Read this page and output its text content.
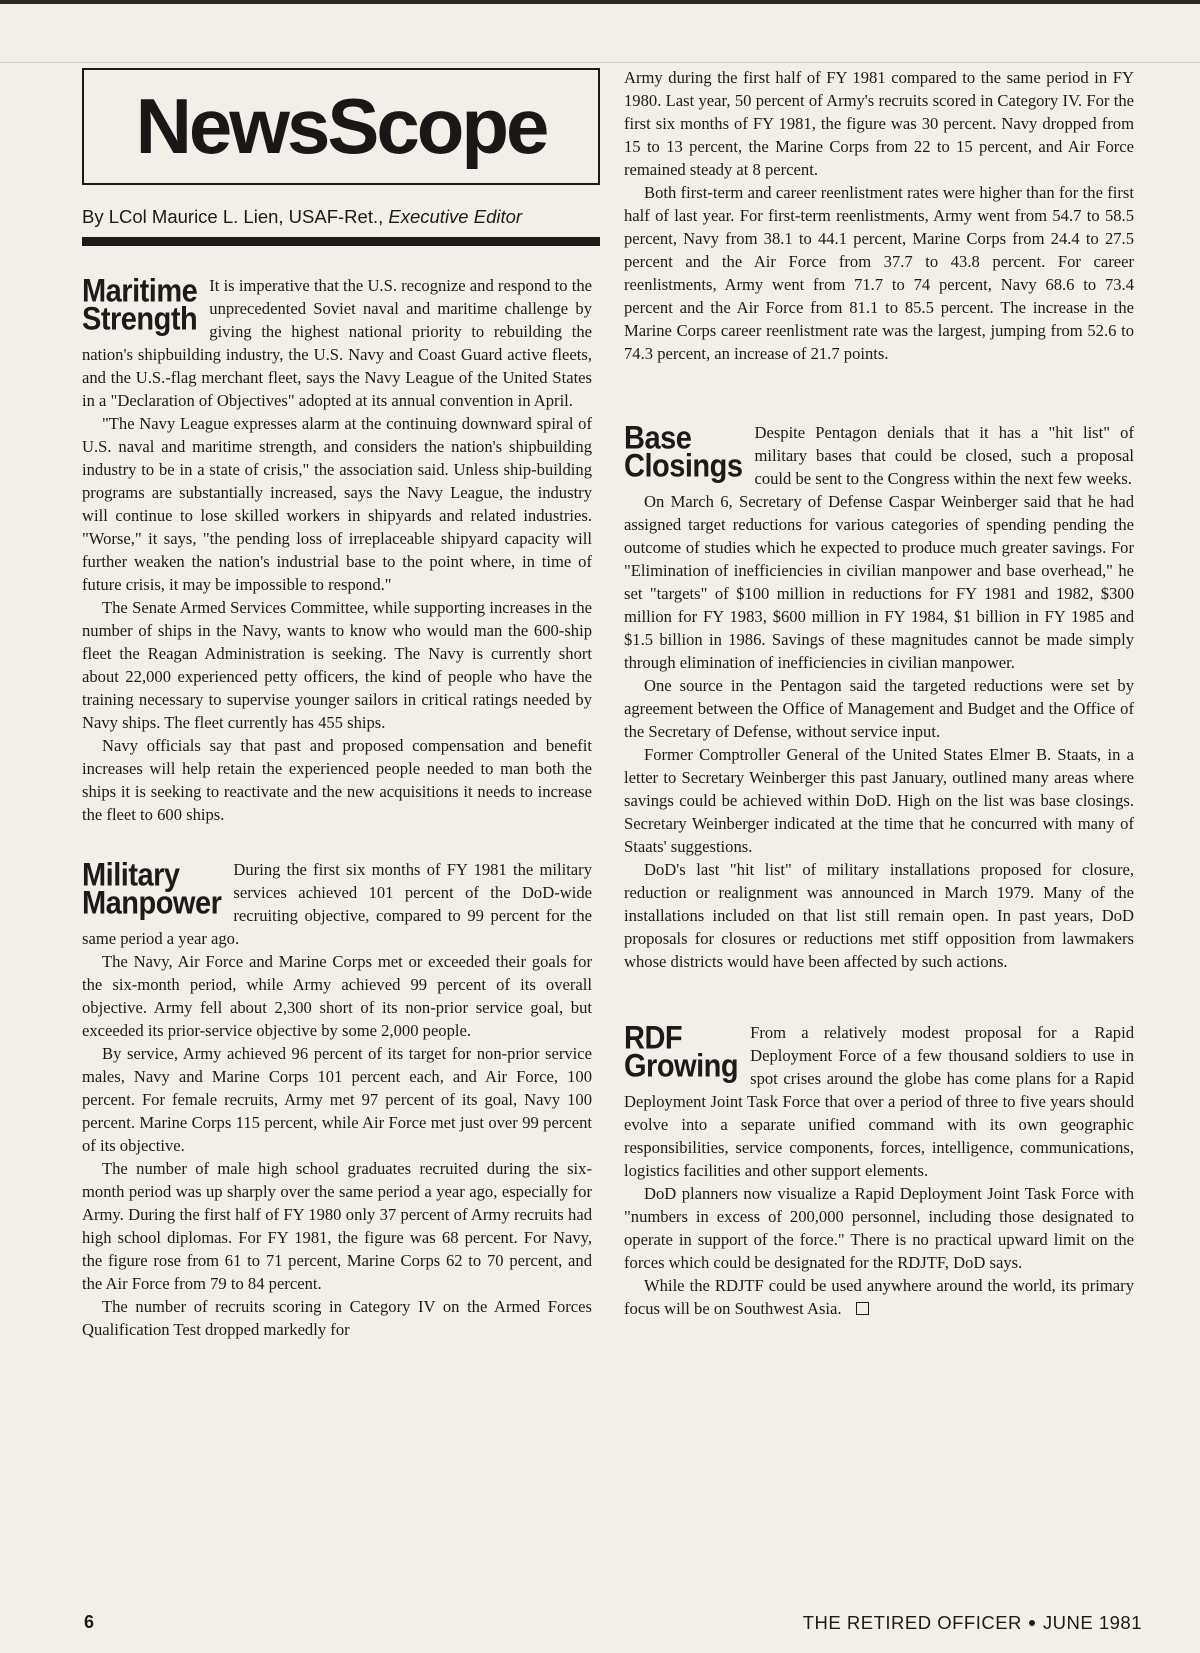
NewsScope
By LCol Maurice L. Lien, USAF-Ret., Executive Editor
Maritime
Strength

It is imperative that the U.S. recognize and respond to the unprecedented Soviet naval and maritime challenge by giving the highest national priority to rebuilding the nation's shipbuilding industry, the U.S. Navy and Coast Guard active fleets, and the U.S.-flag merchant fleet, says the Navy League of the United States in a "Declaration of Objectives" adopted at its annual convention in April.

"The Navy League expresses alarm at the continuing downward spiral of U.S. naval and maritime strength, and considers the nation's shipbuilding industry to be in a state of crisis," the association said. Unless ship-building programs are substantially increased, says the Navy League, the industry will continue to lose skilled workers in shipyards and related industries. "Worse," it says, "the pending loss of irreplaceable shipyard capacity will further weaken the nation's industrial base to the point where, in time of future crisis, it may be impossible to respond."

The Senate Armed Services Committee, while supporting increases in the number of ships in the Navy, wants to know who would man the 600-ship fleet the Reagan Administration is seeking. The Navy is currently short about 22,000 experienced petty officers, the kind of people who have the training necessary to supervise younger sailors in critical ratings needed by Navy ships. The fleet currently has 455 ships.

Navy officials say that past and proposed compensation and benefit increases will help retain the experienced people needed to man both the ships it is seeking to reactivate and the new acquisitions it needs to increase the fleet to 600 ships.

Military
Manpower

During the first six months of FY 1981 the military services achieved 101 percent of the DoD-wide recruiting objective, compared to 99 percent for the same period a year ago.

The Navy, Air Force and Marine Corps met or exceeded their goals for the six-month period, while Army achieved 99 percent of its overall objective. Army fell about 2,300 short of its non-prior service goal, but exceeded its prior-service objective by some 2,000 people.

By service, Army achieved 96 percent of its target for non-prior service males, Navy and Marine Corps 101 percent each, and Air Force, 100 percent. For female recruits, Army met 97 percent of its goal, Navy 100 percent. Marine Corps 115 percent, while Air Force met just over 99 percent of its objective.

The number of male high school graduates recruited during the six-month period was up sharply over the same period a year ago, especially for Army. During the first half of FY 1980 only 37 percent of Army recruits had high school diplomas. For FY 1981, the figure was 68 percent. For Navy, the figure rose from 61 to 71 percent, Marine Corps 62 to 70 percent, and the Air Force from 79 to 84 percent.

The number of recruits scoring in Category IV on the Armed Forces Qualification Test dropped markedly for

Army during the first half of FY 1981 compared to the same period in FY 1980. Last year, 50 percent of Army's recruits scored in Category IV. For the first six months of FY 1981, the figure was 30 percent. Navy dropped from 15 to 13 percent, the Marine Corps from 22 to 15 percent, and Air Force remained steady at 8 percent.

Both first-term and career reenlistment rates were higher than for the first half of last year. For first-term reenlistments, Army went from 54.7 to 58.5 percent, Navy from 38.1 to 44.1 percent, Marine Corps from 24.4 to 27.5 percent and the Air Force from 37.7 to 43.8 percent. For career reenlistments, Army went from 71.7 to 74 percent, Navy 68.6 to 73.4 percent and the Air Force from 81.1 to 85.5 percent. The increase in the Marine Corps career reenlistment rate was the largest, jumping from 52.6 to 74.3 percent, an increase of 21.7 points.

Base
Closings

Despite Pentagon denials that it has a "hit list" of military bases that could be closed, such a proposal could be sent to the Congress within the next few weeks.

On March 6, Secretary of Defense Caspar Weinberger said that he had assigned target reductions for various categories of spending pending the outcome of studies which he expected to produce much greater savings. For "Elimination of inefficiencies in civilian manpower and base overhead," he set "targets" of $100 million in reductions for FY 1981 and 1982, $300 million for FY 1983, $600 million in FY 1984, $1 billion in FY 1985 and $1.5 billion in 1986. Savings of these magnitudes cannot be made simply through elimination of inefficiencies in civilian manpower.

One source in the Pentagon said the targeted reductions were set by agreement between the Office of Management and Budget and the Office of the Secretary of Defense, without service input.

Former Comptroller General of the United States Elmer B. Staats, in a letter to Secretary Weinberger this past January, outlined many areas where savings could be achieved within DoD. High on the list was base closings. Secretary Weinberger indicated at the time that he concurred with many of Staats' suggestions.

DoD's last "hit list" of military installations proposed for closure, reduction or realignment was announced in March 1979. Many of the installations included on that list still remain open. In past years, DoD proposals for closures or reductions met stiff opposition from lawmakers whose districts would have been affected by such actions.

RDF
Growing

From a relatively modest proposal for a Rapid Deployment Force of a few thousand soldiers to use in spot crises around the globe has come plans for a Rapid Deployment Joint Task Force that over a period of three to five years should evolve into a separate unified command with its own geographic responsibilities, service components, forces, intelligence, communications, logistics facilities and other support elements.

DoD planners now visualize a Rapid Deployment Joint Task Force with "numbers in excess of 200,000 personnel, including those designated to operate in support of the force." There is no practical upward limit on the forces which could be designated for the RDJTF, DoD says.

While the RDJTF could be used anywhere around the world, its primary focus will be on Southwest Asia.

6	THE RETIRED OFFICER ● JUNE 1981
